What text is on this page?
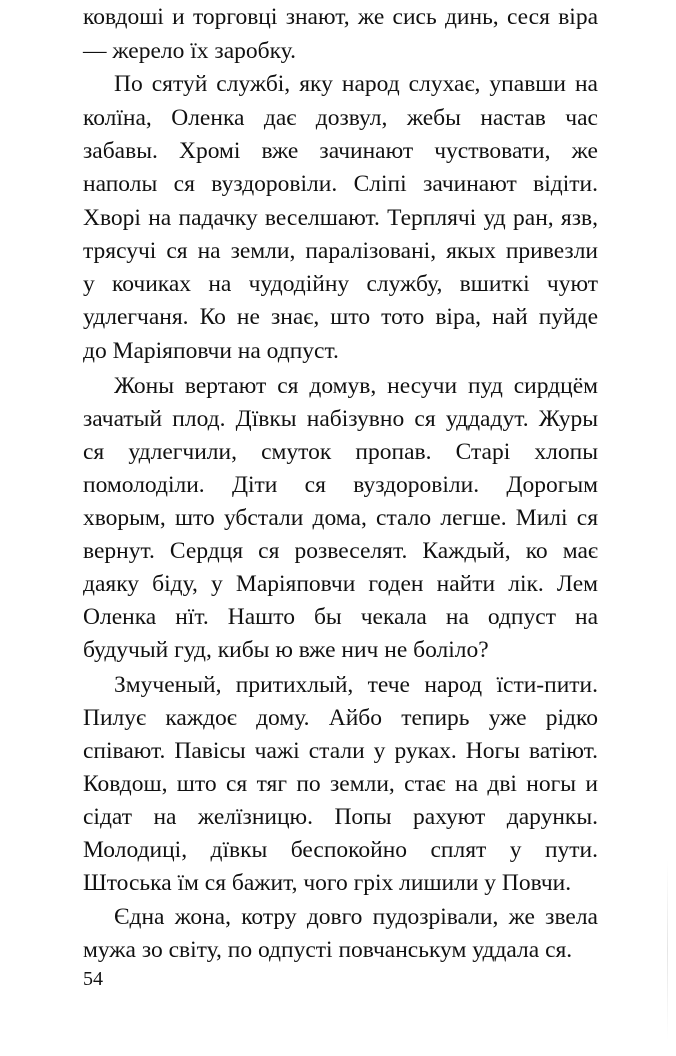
ковдоші и торговці знают, же сись динь, сеся віра
— жерело їх заробку.
По сятуй службі, яку народ слухає, упавши на
колїна, Оленка дає дозвул, жебы настав час
забавы. Хромі вже зачинают чуствовати, же
наполы ся вуздоровіли. Сліпі зачинают відіти.
Хворі на падачку веселшают. Терплячі уд ран, язв,
трясучі ся на земли, паралізовані, якых привезли
у кочиках на чудодійну службу, вшиткі чуют
удлегчаня. Ко не знає, што тото віра, най пуйде
до Маріяповчи на одпуст.
Жоны вертают ся домув, несучи пуд сирдцём
зачатый плод. Дївкы набізувно ся уддадут. Журы
ся удлегчили, смуток пропав. Старі хлопы
помолоділи. Діти ся вуздоровіли. Дорогым
хворым, што убстали дома, стало легше. Милі ся
вернут. Сердця ся розвеселят. Каждый, ко має
даяку біду, у Маріяповчи годен найти лік. Лем
Оленка нїт. Нашто бы чекала на одпуст на
будучый гуд, кибы ю вже нич не боліло?
Змученый, притихлый, тече народ їсти-пити.
Пилує каждоє дому. Айбо тепирь уже рідко
співают. Павісы чажі стали у руках. Ногы ватіют.
Ковдош, што ся тяг по земли, стає на дві ногы и
сідат на желїзницю. Попы рахуют дарункы.
Молодиці, дївкы беспокойно сплят у пути.
Штоська їм ся бажит, чого гріх лишили у Повчи.
Єдна жона, котру довго пудозрівали, же звела
мужа зо світу, по одпусті повчанськум уддала ся.
54
